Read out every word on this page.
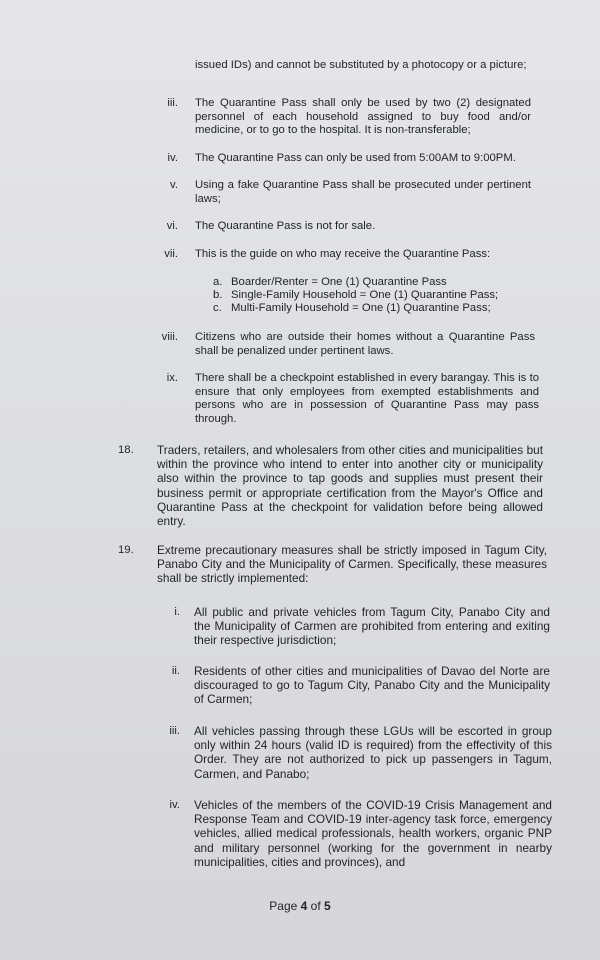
issued IDs) and cannot be substituted by a photocopy or a picture;
iii. The Quarantine Pass shall only be used by two (2) designated personnel of each household assigned to buy food and/or medicine, or to go to the hospital. It is non-transferable;
iv. The Quarantine Pass can only be used from 5:00AM to 9:00PM.
v. Using a fake Quarantine Pass shall be prosecuted under pertinent laws;
vi. The Quarantine Pass is not for sale.
vii. This is the guide on who may receive the Quarantine Pass:
a. Boarder/Renter = One (1) Quarantine Pass
b. Single-Family Household = One (1) Quarantine Pass;
c. Multi-Family Household = One (1) Quarantine Pass;
viii. Citizens who are outside their homes without a Quarantine Pass shall be penalized under pertinent laws.
ix. There shall be a checkpoint established in every barangay. This is to ensure that only employees from exempted establishments and persons who are in possession of Quarantine Pass may pass through.
18.	Traders, retailers, and wholesalers from other cities and municipalities but within the province who intend to enter into another city or municipality also within the province to tap goods and supplies must present their business permit or appropriate certification from the Mayor's Office and Quarantine Pass at the checkpoint for validation before being allowed entry.
19.	Extreme precautionary measures shall be strictly imposed in Tagum City, Panabo City and the Municipality of Carmen. Specifically, these measures shall be strictly implemented:
i. All public and private vehicles from Tagum City, Panabo City and the Municipality of Carmen are prohibited from entering and exiting their respective jurisdiction;
ii. Residents of other cities and municipalities of Davao del Norte are discouraged to go to Tagum City, Panabo City and the Municipality of Carmen;
iii. All vehicles passing through these LGUs will be escorted in group only within 24 hours (valid ID is required) from the effectivity of this Order. They are not authorized to pick up passengers in Tagum, Carmen, and Panabo;
iv. Vehicles of the members of the COVID-19 Crisis Management and Response Team and COVID-19 inter-agency task force, emergency vehicles, allied medical professionals, health workers, organic PNP and military personnel (working for the government in nearby municipalities, cities and provinces), and
Page 4 of 5
